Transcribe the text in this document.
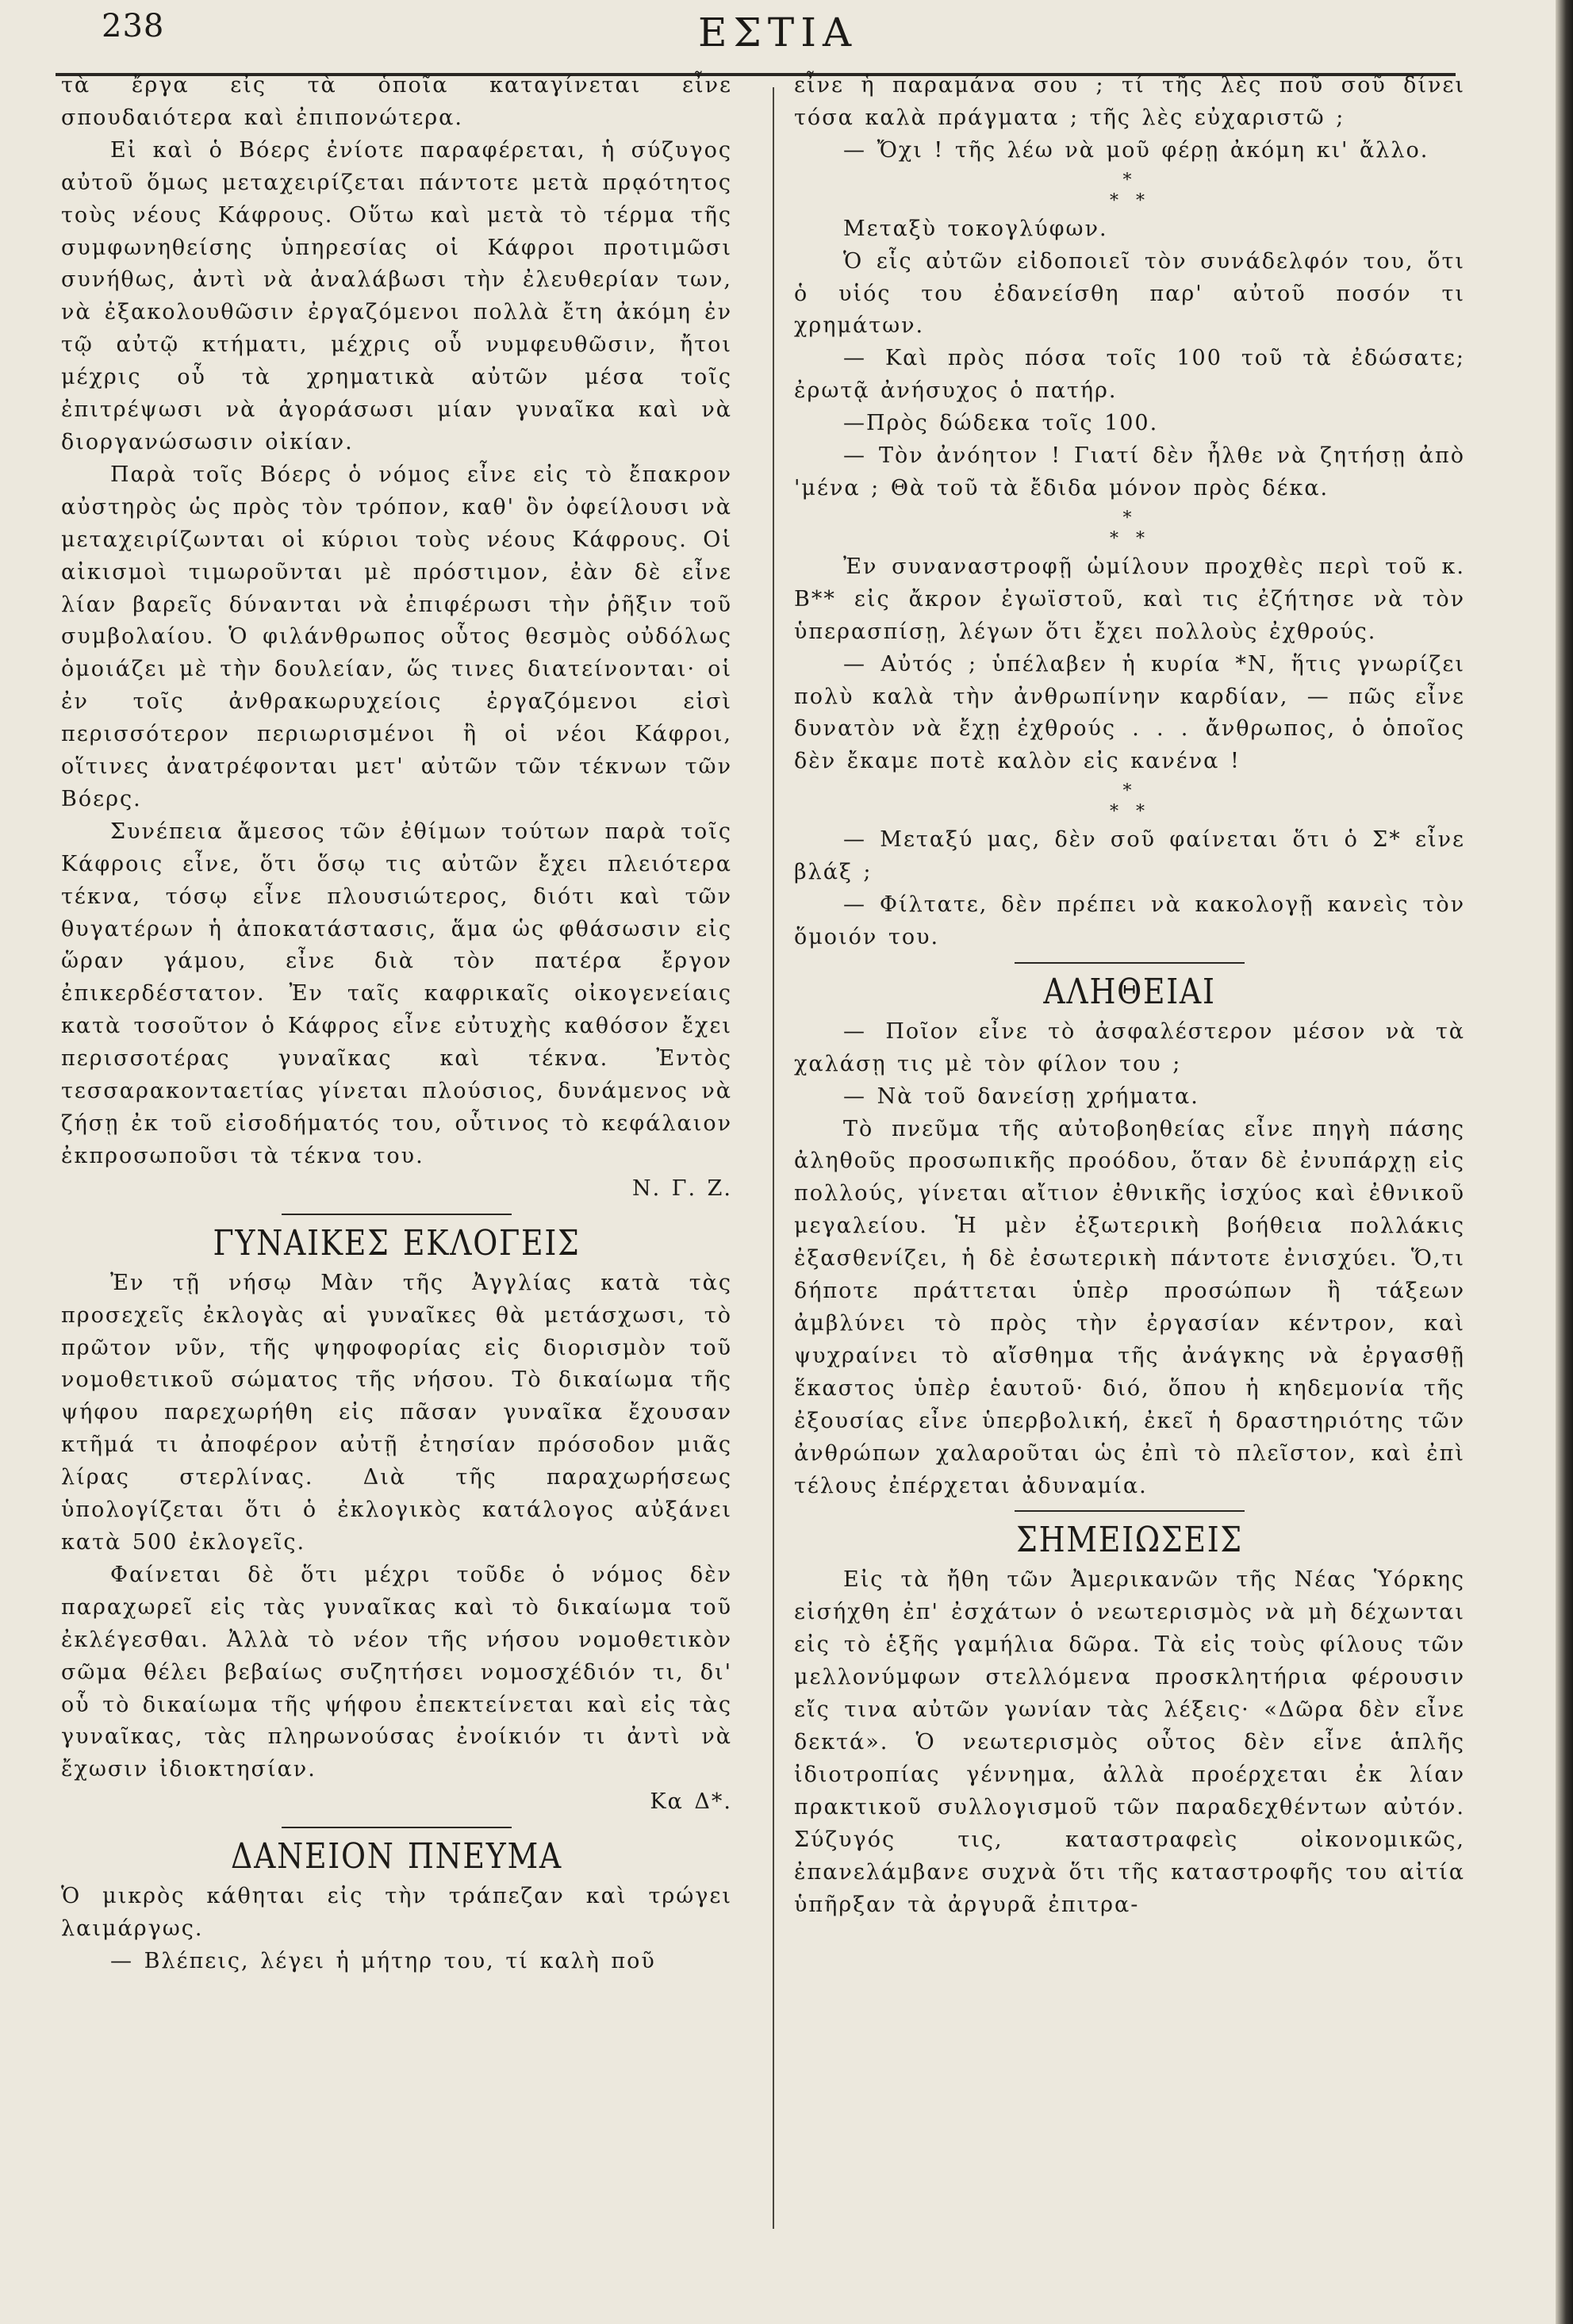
238	ΕΣΤΙΑ

τὰ ἔργα εἰς τὰ ὁποῖα καταγίνεται εἶνε σπουδαιότερα καὶ ἐπιπονώτερα.

Εἰ καὶ ὁ Βόερς ἐνίοτε παραφέρεται, ἡ σύζυγος αὐτοῦ ὅμως μεταχειρίζεται πάντοτε μετὰ πρᾳότητος τοὺς νέους Κάφρους. Οὕτω καὶ μετὰ τὸ τέρμα τῆς συμφωνηθείσης ὑπηρεσίας οἱ Κάφροι προτιμῶσι συνήθως, ἀντὶ νὰ ἀναλάβωσι τὴν ἐλευθερίαν των, νὰ ἐξακολουθῶσιν ἐργαζόμενοι πολλὰ ἔτη ἀκόμη ἐν τῷ αὐτῷ κτήματι, μέχρις οὗ νυμφευθῶσιν, ἤτοι μέχρις οὗ τὰ χρηματικὰ αὐτῶν μέσα τοῖς ἐπιτρέψωσι νὰ ἀγοράσωσι μίαν γυναῖκα καὶ νὰ διοργανώσωσιν οἰκίαν.

Παρὰ τοῖς Βόερς ὁ νόμος εἶνε εἰς τὸ ἔπακρον αὐστηρὸς ὡς πρὸς τὸν τρόπον, καθ' ὃν ὀφείλουσι νὰ μεταχειρίζωνται οἱ κύριοι τοὺς νέους Κάφρους. Οἱ αἰκισμοὶ τιμωροῦνται μὲ πρόστιμον, ἐὰν δὲ εἶνε λίαν βαρεῖς δύνανται νὰ ἐπιφέρωσι τὴν ῥῆξιν τοῦ συμβολαίου. Ὁ φιλάνθρωπος οὗτος θεσμὸς οὐδόλως ὁμοιάζει μὲ τὴν δουλείαν, ὥς τινες διατείνονται· οἱ ἐν τοῖς ἀνθρακωρυχείοις ἐργαζόμενοι εἰσὶ περισσότερον περιωρισμένοι ἢ οἱ νέοι Κάφροι, οἵτινες ἀνατρέφονται μετ' αὐτῶν τῶν τέκνων τῶν Βόερς.

Συνέπεια ἄμεσος τῶν ἐθίμων τούτων παρὰ τοῖς Κάφροις εἶνε, ὅτι ὅσῳ τις αὐτῶν ἔχει πλειότερα τέκνα, τόσῳ εἶνε πλουσιώτερος, διότι καὶ τῶν θυγατέρων ἡ ἀποκατάστασις, ἅμα ὡς φθάσωσιν εἰς ὥραν γάμου, εἶνε διὰ τὸν πατέρα ἔργον ἐπικερδέστατον. Ἐν ταῖς καφρικαῖς οἰκογενείαις κατὰ τοσοῦτον ὁ Κάφρος εἶνε εὐτυχὴς καθόσον ἔχει περισσοτέρας γυναῖκας καὶ τέκνα. Ἐντὸς τεσσαρακονταετίας γίνεται πλούσιος, δυνάμενος νὰ ζήσῃ ἐκ τοῦ εἰσοδήματός του, οὗτινος τὸ κεφάλαιον ἐκπροσωποῦσι τὰ τέκνα του.

Ν. Γ. Ζ.
ΓΥΝΑΙΚΕΣ ΕΚΛΟΓΕΙΣ

Ἐν τῇ νήσῳ Μὰν τῆς Ἀγγλίας κατὰ τὰς προσεχεῖς ἐκλογὰς αἱ γυναῖκες θὰ μετάσχωσι, τὸ πρῶτον νῦν, τῆς ψηφοφορίας εἰς διορισμὸν τοῦ νομοθετικοῦ σώματος τῆς νήσου. Τὸ δικαίωμα τῆς ψήφου παρεχωρήθη εἰς πᾶσαν γυναῖκα ἔχουσαν κτῆμά τι ἀποφέρον αὐτῇ ἐτησίαν πρόσοδον μιᾶς λίρας στερλίνας. Διὰ τῆς παραχωρήσεως ὑπολογίζεται ὅτι ὁ ἐκλογικὸς κατάλογος αὐξάνει κατὰ 500 ἐκλογεῖς.

Φαίνεται δὲ ὅτι μέχρι τοῦδε ὁ νόμος δὲν παραχωρεῖ εἰς τὰς γυναῖκας καὶ τὸ δικαίωμα τοῦ ἐκλέγεσθαι. Ἀλλὰ τὸ νέον τῆς νήσου νομοθετικὸν σῶμα θέλει βεβαίως συζητήσει νομοσχέδιόν τι, δι' οὗ τὸ δικαίωμα τῆς ψήφου ἐπεκτείνεται καὶ εἰς τὰς γυναῖκας, τὰς πληρωνούσας ἐνοίκιόν τι ἀντὶ νὰ ἔχωσιν ἰδιοκτησίαν.

Κα Δ*.
ΔΑΝΕΙΟΝ ΠΝΕΥΜΑ

Ὁ μικρὸς κάθηται εἰς τὴν τράπεζαν καὶ τρώγει λαιμάργως.

— Βλέπεις, λέγει ἡ μήτηρ του, τί καλὴ ποῦ

εἶνε ἡ παραμάνα σου ; τί τῆς λὲς ποῦ σοῦ δίνει τόσα καλὰ πράγματα ; τῆς λὲς εὐχαριστῶ ;

— Ὄχι ! τῆς λέω νὰ μοῦ φέρῃ ἀκόμη κι' ἄλλο.

*
* *

Μεταξὺ τοκογλύφων.

Ὁ εἷς αὐτῶν εἰδοποιεῖ τὸν συνάδελφόν του, ὅτι ὁ υἱός του ἐδανείσθη παρ' αὐτοῦ ποσόν τι χρημάτων.

— Καὶ πρὸς πόσα τοῖς 100 τοῦ τὰ ἐδώσατε; ἐρωτᾷ ἀνήσυχος ὁ πατήρ.

—Πρὸς δώδεκα τοῖς 100.

— Τὸν ἀνόητον ! Γιατί δὲν ἦλθε νὰ ζητήσῃ ἀπὸ 'μένα ; Θὰ τοῦ τὰ ἔδιδα μόνον πρὸς δέκα.

*
* *

Ἐν συναναστροφῇ ὡμίλουν προχθὲς περὶ τοῦ κ. Β** εἰς ἄκρον ἐγωϊστοῦ, καὶ τις ἐζήτησε νὰ τὸν ὑπερασπίσῃ, λέγων ὅτι ἔχει πολλοὺς ἐχθρούς.

— Αὐτός ; ὑπέλαβεν ἡ κυρία *Ν, ἥτις γνωρίζει πολὺ καλὰ τὴν ἀνθρωπίνην καρδίαν, — πῶς εἶνε δυνατὸν νὰ ἔχῃ ἐχθρούς . . . ἄνθρωπος, ὁ ὁποῖος δὲν ἔκαμε ποτὲ καλὸν εἰς κανένα !

*
* *

— Μεταξύ μας, δὲν σοῦ φαίνεται ὅτι ὁ Σ* εἶνε βλάξ ;

— Φίλτατε, δὲν πρέπει νὰ κακολογῇ κανεὶς τὸν ὅμοιόν του.

ΑΛΗΘΕΙΑΙ

— Ποῖον εἶνε τὸ ἀσφαλέστερον μέσον νὰ τὰ χαλάσῃ τις μὲ τὸν φίλον του ;

— Νὰ τοῦ δανείσῃ χρήματα.

Τὸ πνεῦμα τῆς αὐτοβοηθείας εἶνε πηγὴ πάσης ἀληθοῦς προσωπικῆς προόδου, ὅταν δὲ ἐνυπάρχῃ εἰς πολλούς, γίνεται αἴτιον ἐθνικῆς ἰσχύος καὶ ἐθνικοῦ μεγαλείου. Ἡ μὲν ἐξωτερικὴ βοήθεια πολλάκις ἐξασθενίζει, ἡ δὲ ἐσωτερικὴ πάντοτε ἐνισχύει. Ὅ,τι δήποτε πράττεται ὑπὲρ προσώπων ἢ τάξεων ἀμβλύνει τὸ πρὸς τὴν ἐργασίαν κέντρον, καὶ ψυχραίνει τὸ αἴσθημα τῆς ἀνάγκης νὰ ἐργασθῇ ἕκαστος ὑπὲρ ἑαυτοῦ· διό, ὅπου ἡ κηδεμονία τῆς ἐξουσίας εἶνε ὑπερβολική, ἐκεῖ ἡ δραστηριότης τῶν ἀνθρώπων χαλαροῦται ὡς ἐπὶ τὸ πλεῖστον, καὶ ἐπὶ τέλους ἐπέρχεται ἀδυναμία.

ΣΗΜΕΙΩΣΕΙΣ

Εἰς τὰ ἤθη τῶν Ἀμερικανῶν τῆς Νέας Ὑόρκης εἰσήχθη ἐπ' ἐσχάτων ὁ νεωτερισμὸς νὰ μὴ δέχωνται εἰς τὸ ἑξῆς γαμήλια δῶρα. Τὰ εἰς τοὺς φίλους τῶν μελλονύμφων στελλόμενα προσκλητήρια φέρουσιν εἴς τινα αὐτῶν γωνίαν τὰς λέξεις· «Δῶρα δὲν εἶνε δεκτά». Ὁ νεωτερισμὸς οὗτος δὲν εἶνε ἁπλῆς ἰδιοτροπίας γέννημα, ἀλλὰ προέρχεται ἐκ λίαν πρακτικοῦ συλλογισμοῦ τῶν παραδεχθέντων αὐτόν. Σύζυγός τις, καταστραφεὶς οἰκονομικῶς, ἐπανελάμβανε συχνὰ ὅτι τῆς καταστροφῆς του αἰτία ὑπῆρξαν τὰ ἀργυρᾶ ἐπιτρα-
